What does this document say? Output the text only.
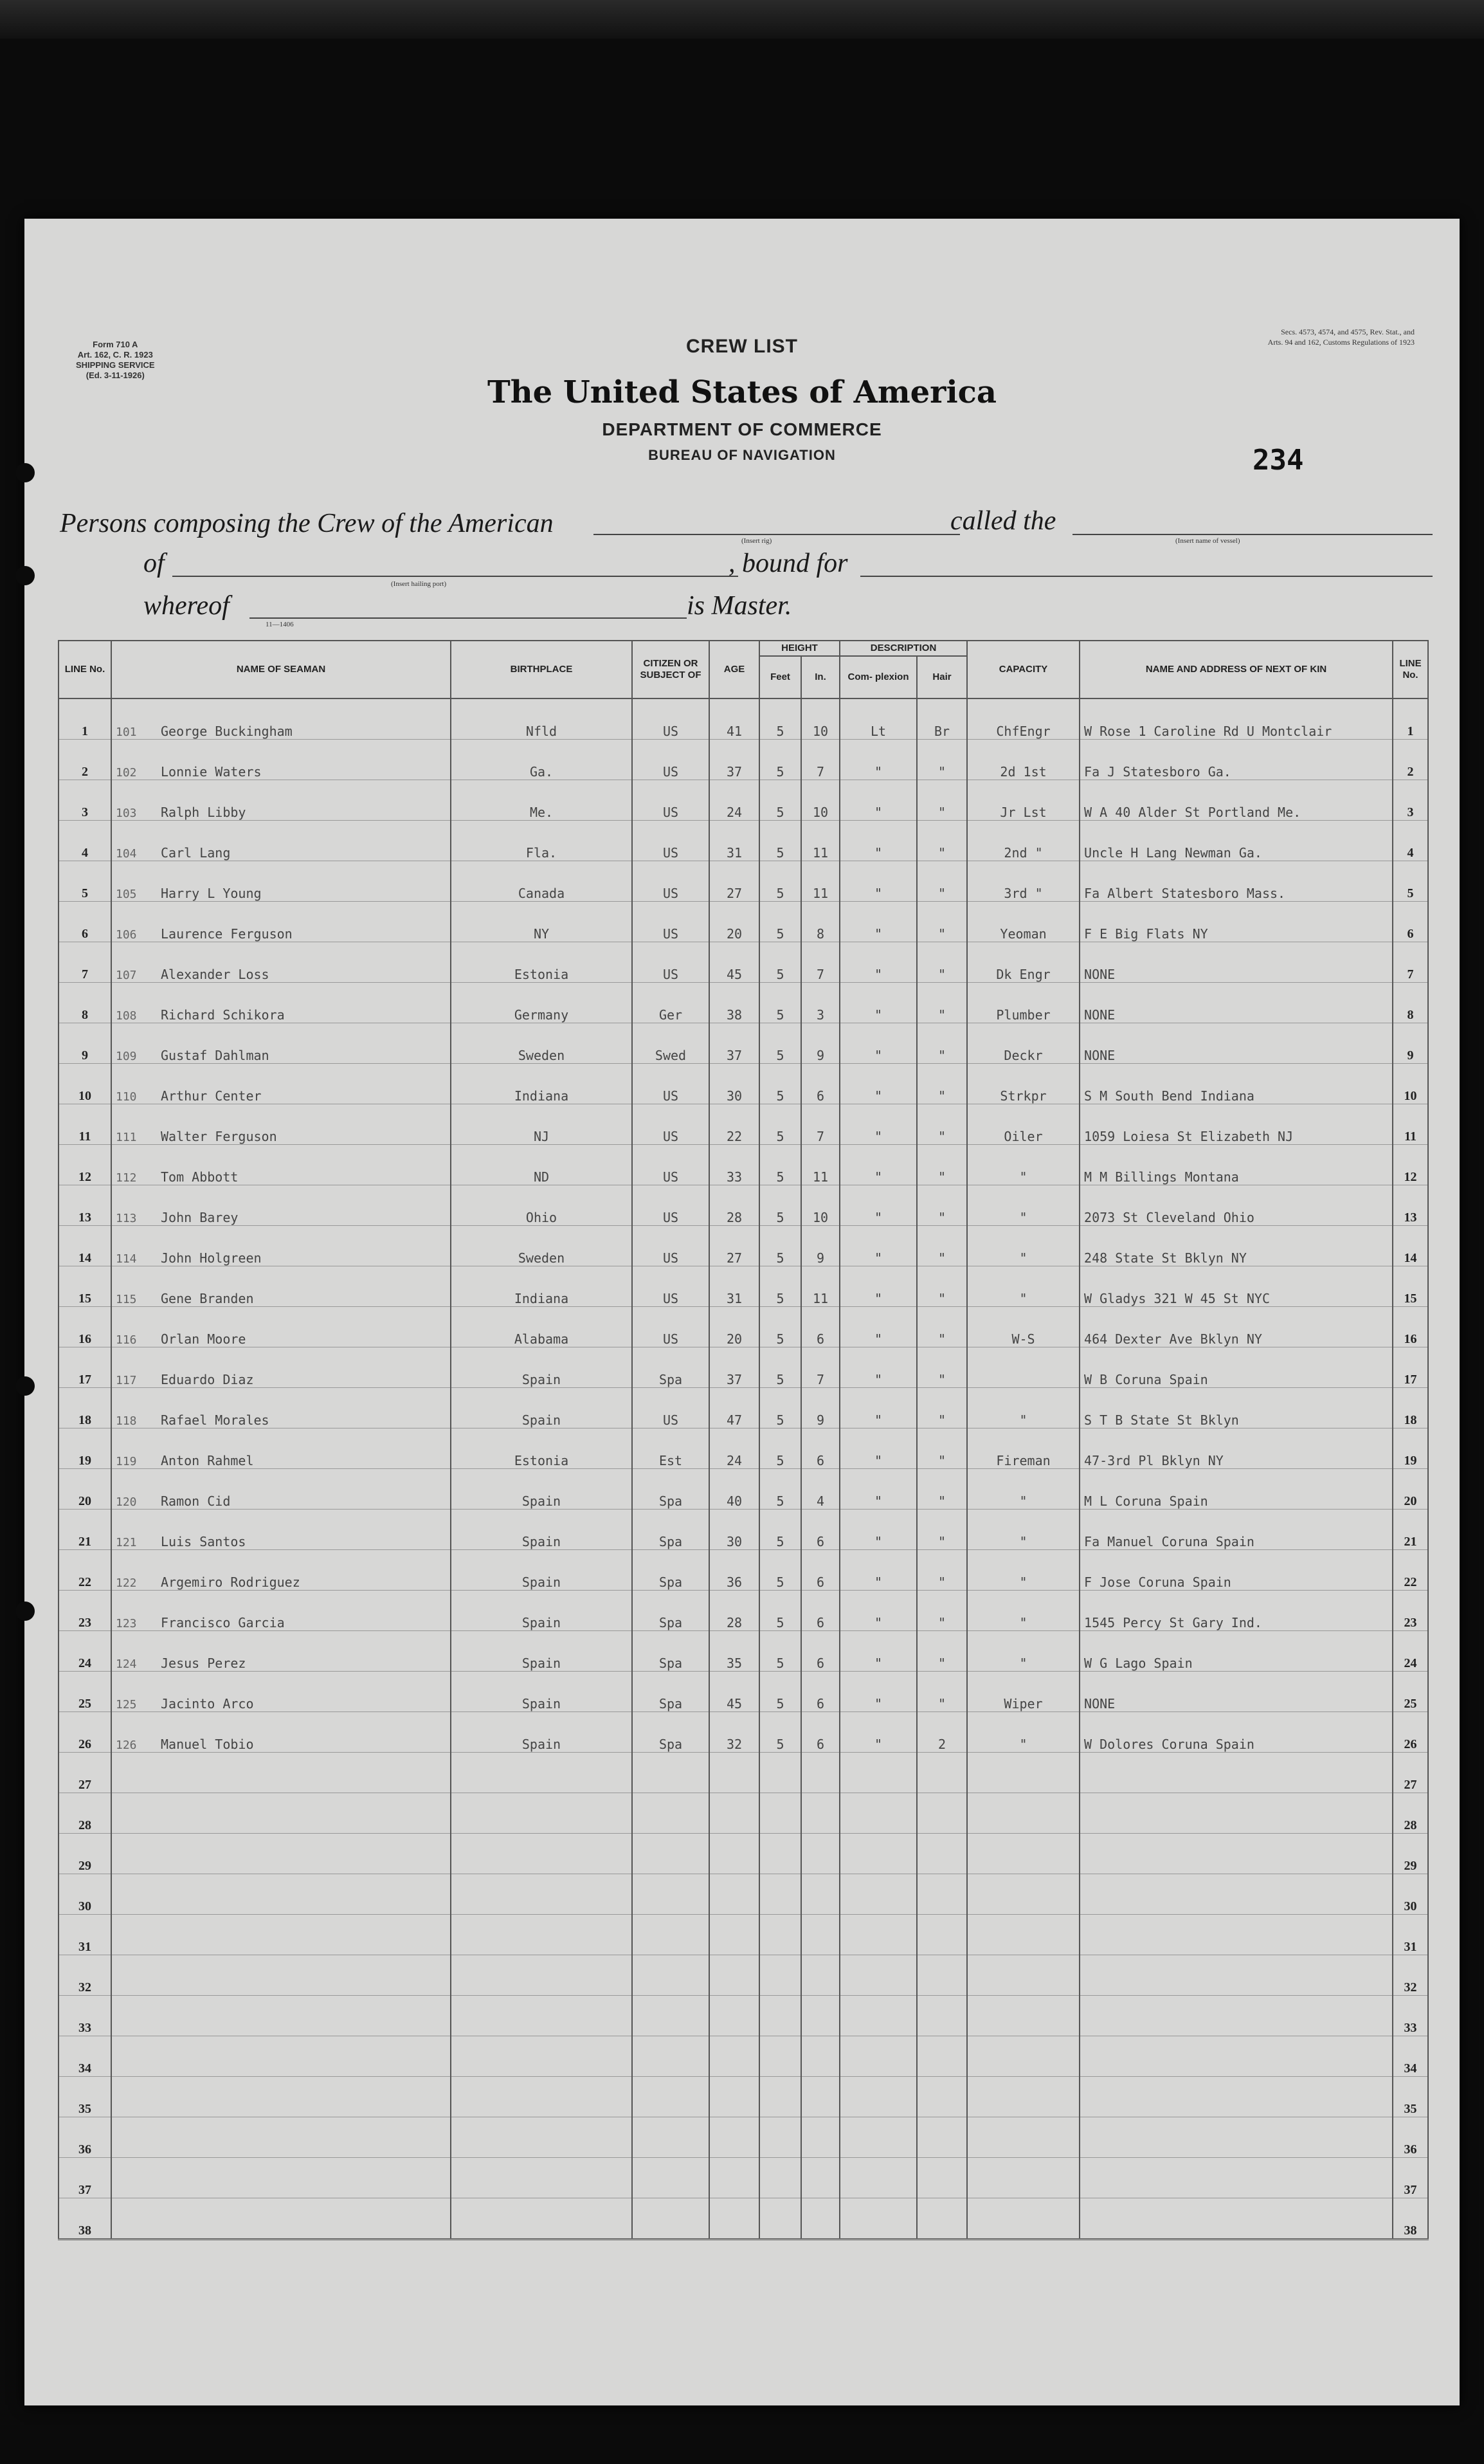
Form 710 A
Art. 162, C. R. 1923
SHIPPING SERVICE
(Ed. 3-11-1926)
Secs. 4573, 4574, and 4575, Rev. Stat., and
Arts. 94 and 162, Customs Regulations of 1923
CREW LIST
The United States of America
DEPARTMENT OF COMMERCE
BUREAU OF NAVIGATION	234
Persons composing the Crew of the American
(Insert rig)
called the
(Insert name of vessel)
of
(Insert hailing port)
, bound for
whereof
11—1406
is Master.
LINE No.	NAME OF SEAMAN	BIRTHPLACE	CITIZEN OR SUBJECT OF	AGE	HEIGHT		DESCRIPTION		CAPACITY	NAME AND ADDRESS OF NEXT OF KIN	LINE No.
					Feet	In.	Com- plexion	Hair			
1	101 George Buckingham	Nfld	US	41	5	10	Lt	Br	ChfEngr	W Rose 1 Caroline Rd U Montclair	1
2	102 Lonnie Waters	Ga.	US	37	5	7	"	"	2d 1st	Fa J Statesboro Ga.	2
3	103 Ralph Libby	Me.	US	24	5	10	"	"	Jr Lst	W A 40 Alder St Portland Me.	3
4	104 Carl Lang	Fla.	US	31	5	11	"	"	2nd "	Uncle H Lang Newman Ga.	4
5	105 Harry L Young	Canada	US	27	5	11	"	"	3rd "	Fa Albert Statesboro Mass.	5
6	106 Laurence Ferguson	NY	US	20	5	8	"	"	Yeoman	F E Big Flats NY	6
7	107 Alexander Loss	Estonia	US	45	5	7	"	"	Dk Engr	NONE	7
8	108 Richard Schikora	Germany	Ger	38	5	3	"	"	Plumber	NONE	8
9	109 Gustaf Dahlman	Sweden	Swed	37	5	9	"	"	Deckr	NONE	9
10	110 Arthur Center	Indiana	US	30	5	6	"	"	Strkpr	S M South Bend Indiana	10
11	111 Walter Ferguson	NJ	US	22	5	7	"	"	Oiler	1059 Loiesa St Elizabeth NJ	11
12	112 Tom Abbott	ND	US	33	5	11	"	"	"	M M Billings Montana	12
13	113 John Barey	Ohio	US	28	5	10	"	"	"	2073 St Cleveland Ohio	13
14	114 John Holgreen	Sweden	US	27	5	9	"	"	"	248 State St Bklyn NY	14
15	115 Gene Branden	Indiana	US	31	5	11	"	"	"	W Gladys 321 W 45 St NYC	15
16	116 Orlan Moore	Alabama	US	20	5	6	"	"	W-S	464 Dexter Ave Bklyn NY	16
17	117 Eduardo Diaz	Spain	Spa	37	5	7	"	"		W B Coruna Spain	17
18	118 Rafael Morales	Spain	US	47	5	9	"	"	"	S T B State St Bklyn	18
19	119 Anton Rahmel	Estonia	Est	24	5	6	"	"	Fireman	47-3rd Pl Bklyn NY	19
20	120 Ramon Cid	Spain	Spa	40	5	4	"	"	"	M L Coruna Spain	20
21	121 Luis Santos	Spain	Spa	30	5	6	"	"	"	Fa Manuel Coruna Spain	21
22	122 Argemiro Rodriguez	Spain	Spa	36	5	6	"	"	"	F Jose Coruna Spain	22
23	123 Francisco Garcia	Spain	Spa	28	5	6	"	"	"	1545 Percy St Gary Ind.	23
24	124 Jesus Perez	Spain	Spa	35	5	6	"	"	"	W G Lago Spain	24
25	125 Jacinto Arco	Spain	Spa	45	5	6	"	"	Wiper	NONE	25
26	126 Manuel Tobio	Spain	Spa	32	5	6	"	2	"	W Dolores Coruna Spain	26
27											27
28											28
29											29
30											30
31											31
32											32
33											33
34											34
35											35
36											36
37											37
38											38
